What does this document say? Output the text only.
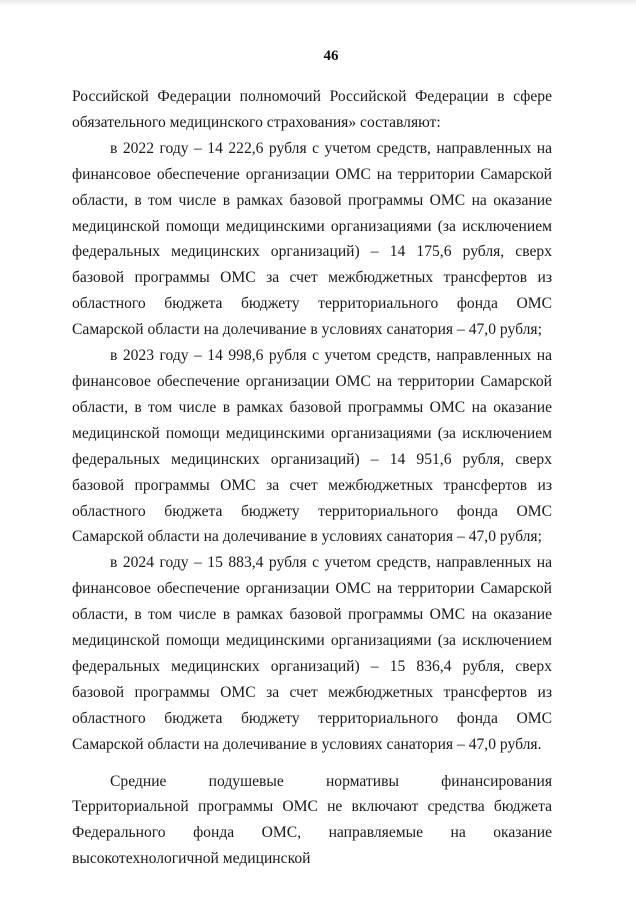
46

Российской Федерации полномочий Российской Федерации в сфере обязательного медицинского страхования» составляют:

в 2022 году – 14 222,6 рубля с учетом средств, направленных на финансовое обеспечение организации ОМС на территории Самарской области, в том числе в рамках базовой программы ОМС на оказание медицинской помощи медицинскими организациями (за исключением федеральных медицинских организаций) – 14 175,6 рубля, сверх базовой программы ОМС за счет межбюджетных трансфертов из областного бюджета бюджету территориального фонда ОМС Самарской области на долечивание в условиях санатория – 47,0 рубля;

в 2023 году – 14 998,6 рубля с учетом средств, направленных на финансовое обеспечение организации ОМС на территории Самарской области, в том числе в рамках базовой программы ОМС на оказание медицинской помощи медицинскими организациями (за исключением федеральных медицинских организаций) – 14 951,6 рубля, сверх базовой программы ОМС за счет межбюджетных трансфертов из областного бюджета бюджету территориального фонда ОМС Самарской области на долечивание в условиях санатория – 47,0 рубля;

в 2024 году – 15 883,4 рубля с учетом средств, направленных на финансовое обеспечение организации ОМС на территории Самарской области, в том числе в рамках базовой программы ОМС на оказание медицинской помощи медицинскими организациями (за исключением федеральных медицинских организаций) – 15 836,4 рубля, сверх базовой программы ОМС за счет межбюджетных трансфертов из областного бюджета бюджету территориального фонда ОМС Самарской области на долечивание в условиях санатория – 47,0 рубля.

Средние подушевые нормативы финансирования Территориальной программы ОМС не включают средства бюджета Федерального фонда ОМС, направляемые на оказание высокотехнологичной медицинской
